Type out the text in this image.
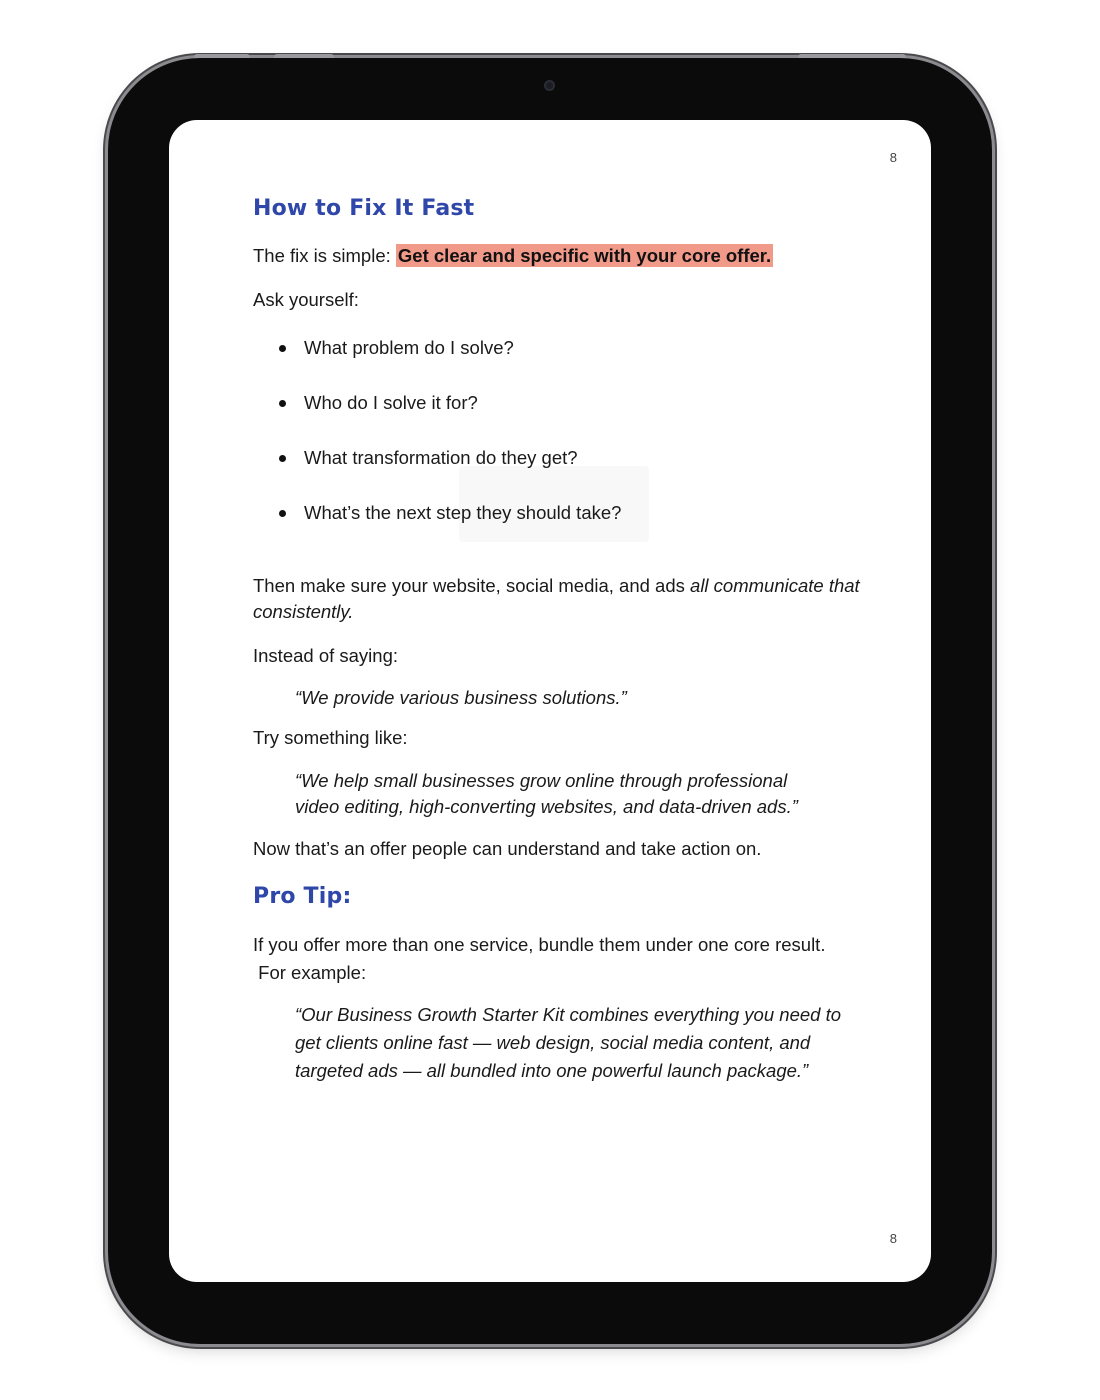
8
How to Fix It Fast

The fix is simple: Get clear and specific with your core offer.

Ask yourself:

What problem do I solve?
Who do I solve it for?
What transformation do they get?
What’s the next step they should take?

Then make sure your website, social media, and ads all communicate that consistently.

Instead of saying:

“We provide various business solutions.”

Try something like:

“We help small businesses grow online through professional video editing, high-converting websites, and data-driven ads.”

Now that’s an offer people can understand and take action on.

Pro Tip:

If you offer more than one service, bundle them under one core result.
For example:

“Our Business Growth Starter Kit combines everything you need to get clients online fast — web design, social media content, and targeted ads — all bundled into one powerful launch package.”

8
